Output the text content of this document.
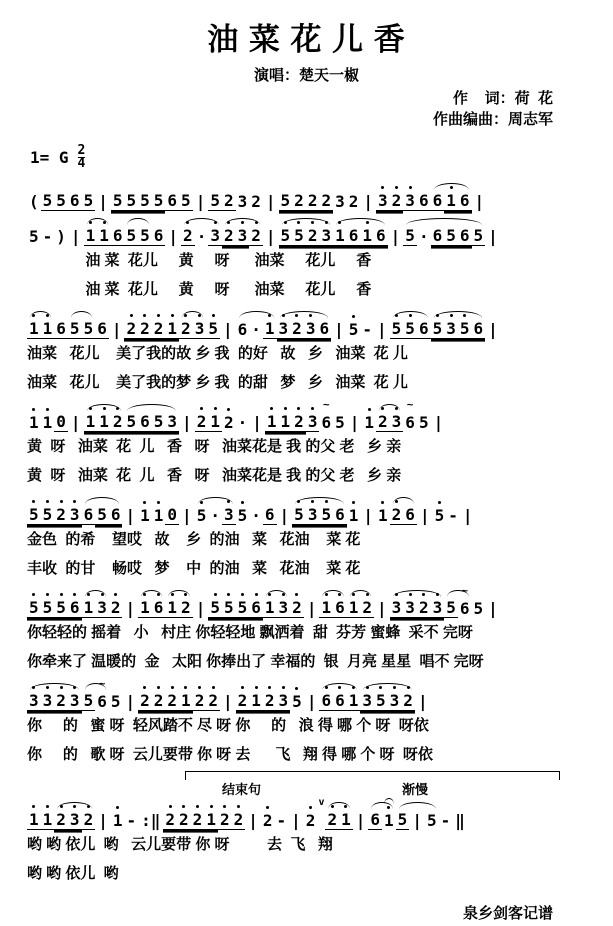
油 菜 花 儿 香
演唱：楚天一椒
作    词：荷  花
作曲编曲：周志军
1= G $\frac{2}{4}$
( 5 5 6 5 | 5 5 5 5 6 5 | 5 2 3 2 | 5 2 2 2 3 2 | 3 2 3 6 6 1 6 |
5 - ) | 1 1 6 5 5 6 | 2 · 3 2 3 2 | 5 5 2 3 1 6 1 6 | 5 · 6 5 6 5 |
油 菜  花儿     黄     呀      油菜     花儿     香
油 菜  花儿     黄     呀      油菜     花儿     香
1 1 6 5 5 6 | 2 2 2 1 2 3 5 | 6 · 1 3 2 3 6 | 5 - | 5 5 6 5 3 5 6 |
油菜   花儿    美了我的故 乡 我  的好   故   乡   油菜  花 儿
油菜   花儿    美了我的梦 乡 我  的甜   梦   乡   油菜  花 儿
1 1 0 | 1 1 2 5 6 5 3 | 2 1 2 · | 1 1 2 3 ~ 6 5 | 1 2 3 ~ 6 5 |
黄  呀   油菜  花  儿   香   呀   油菜花是 我 的父 老   乡 亲
黄  呀   油菜  花  儿   香   呀   油菜花是 我 的父 老   乡 亲
5 5 2 3 6 5 6 | 1 1 0 | 5 · 3 5 · 6 | 5 3 5 6 1 | 1 2 6 | 5 - |
金色  的希    望哎   故    乡  的油   菜   花油    菜 花
丰收  的甘    畅哎   梦    中  的油   菜   花油    菜 花
5 5 5 6 1 3 2 | 1 6 1 2 | 5 5 5 6 1 3 2 | 1 6 1 2 | 3 3 2 3 5 ~ 6 5 |
你轻轻的 摇着   小   村庄 你轻轻地 飘洒着  甜  芬芳 蜜蜂  采不 完呀
你牵来了 温暖的  金   太阳 你捧出了 幸福的  银  月亮 星星  唱不 完呀
3 3 2 3 5 ~ 6 5 | 2 2 2 1 2 2 | 2 1 2 3 5 | 6 6 1 3 5 3 2 |
你     的   蜜 呀  轻风踏不 尽 呀 你     的   浪 得 哪 个 呀  呀依
你     的   歌 呀  云儿要带 你 呀 去      飞   翔 得 哪 个 呀  呀依
结束句	渐慢
1 1 2 3 2 | 1 - :‖ 2 2 2 1 2 2 | 2 - | 2
v
2 1 | 6 1 5 | 5 - ‖
哟 哟 依儿  哟   云儿要带 你 呀         去  飞   翔
哟 哟 依儿  哟
泉乡剑客记谱
